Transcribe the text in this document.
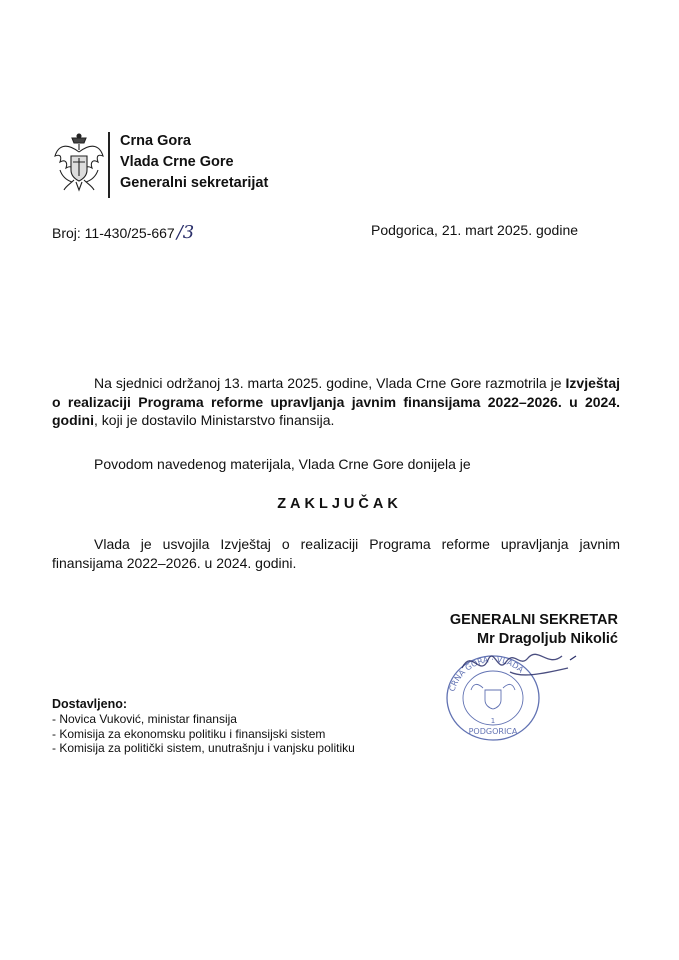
Crna Gora
Vlada Crne Gore
Generalni sekretarijat
Broj: 11-430/25-667 /3	Podgorica, 21. mart 2025. godine
Na sjednici održanoj 13. marta 2025. godine, Vlada Crne Gore razmotrila je Izvještaj o realizaciji Programa reforme upravljanja javnim finansijama 2022–2026. u 2024. godini, koji je dostavilo Ministarstvo finansija.
Povodom navedenog materijala, Vlada Crne Gore donijela je
ZAKLJUČAK
Vlada je usvojila Izvještaj o realizaciji Programa reforme upravljanja javnim finansijama 2022–2026. u 2024. godini.
GENERALNI SEKRETAR
Mr Dragoljub Nikolić
CRNA GORA · VLADA
1
PODGORICA
Dostavljeno:
- Novica Vuković, ministar finansija
- Komisija za ekonomsku politiku i finansijski sistem
- Komisija za politički sistem, unutrašnju i vanjsku politiku
